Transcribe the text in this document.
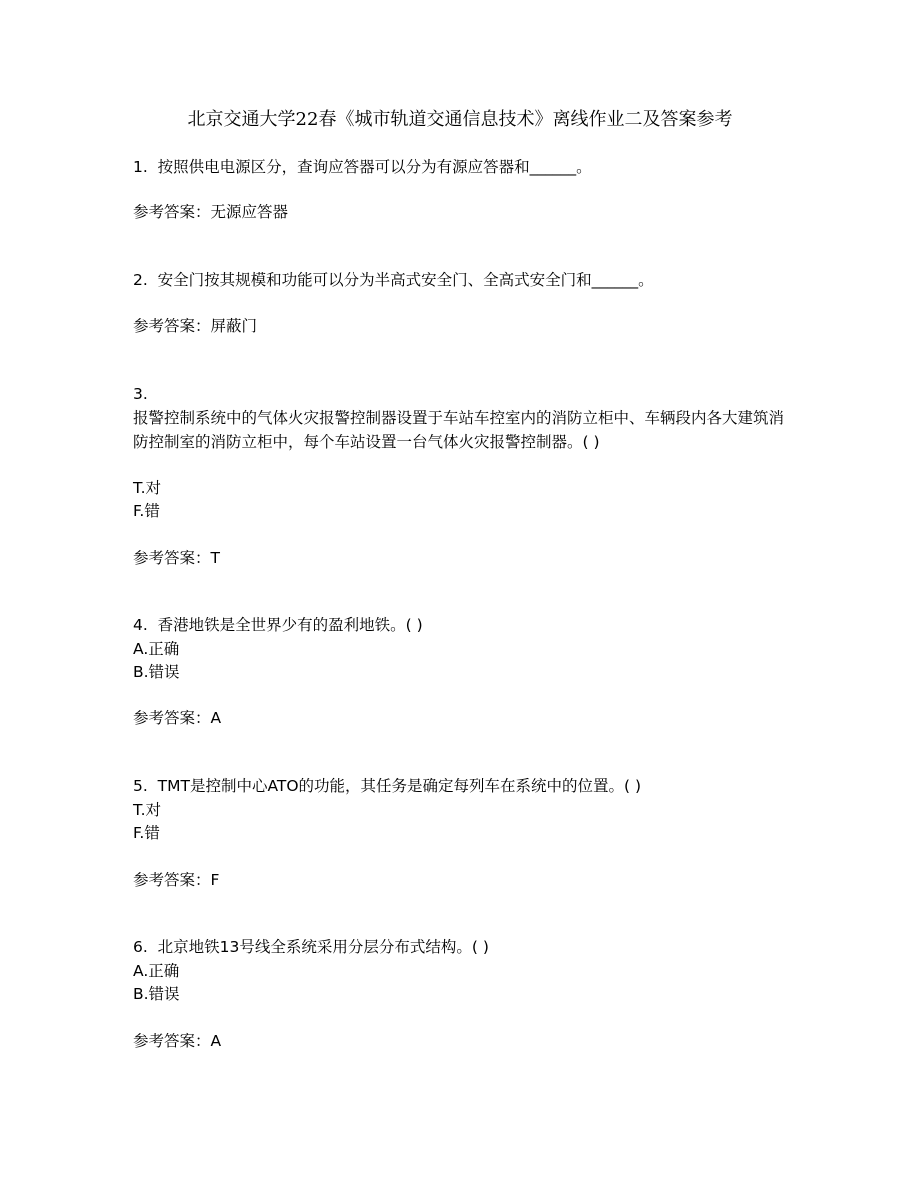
北京交通大学22春《城市轨道交通信息技术》离线作业二及答案参考
1. 按照供电电源区分，查询应答器可以分为有源应答器和______。
参考答案：无源应答器
2. 安全门按其规模和功能可以分为半高式安全门、全高式安全门和______。
参考答案：屏蔽门
3.
报警控制系统中的气体火灾报警控制器设置于车站车控室内的消防立柜中、车辆段内各大建筑消防控制室的消防立柜中，每个车站设置一台气体火灾报警控制器。( )
T.对
F.错
参考答案：T
4. 香港地铁是全世界少有的盈利地铁。( )
A.正确
B.错误
参考答案：A
5. TMT是控制中心ATO的功能，其任务是确定每列车在系统中的位置。( )
T.对
F.错
参考答案：F
6. 北京地铁13号线全系统采用分层分布式结构。( )
A.正确
B.错误
参考答案：A
